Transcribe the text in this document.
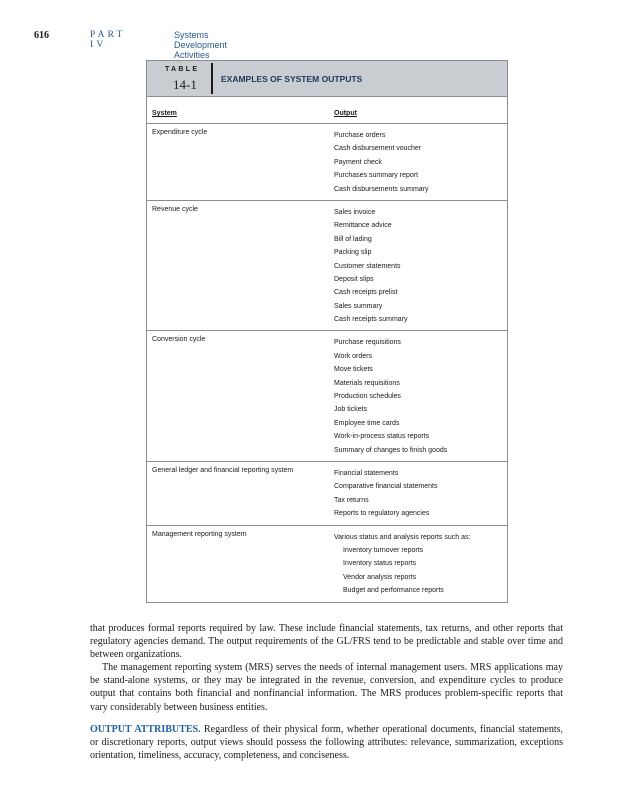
616	PART IV
Systems Development Activities
TABLE
14-1	EXAMPLES OF SYSTEM OUTPUTS
System	Output
Expenditure cycle	Purchase orders
Cash disbursement voucher
Payment check
Purchases summary report
Cash disbursements summary
Revenue cycle	Sales invoice
Remittance advice
Bill of lading
Packing slip
Customer statements
Deposit slips
Cash receipts prelist
Sales summary
Cash receipts summary
Conversion cycle	Purchase requisitions
Work orders
Move tickets
Materials requisitions
Production schedules
Job tickets
Employee time cards
Work-in-process status reports
Summary of changes to finish goods
General ledger and financial reporting system	Financial statements
Comparative financial statements
Tax returns
Reports to regulatory agencies
Management reporting system	Various status and analysis reports such as:
Inventory turnover reports
Inventory status reports
Vendor analysis reports
Budget and performance reports

that produces formal reports required by law. These include financial statements, tax returns, and other reports that regulatory agencies demand. The output requirements of the GL/FRS tend to be predictable and stable over time and between organizations.

The management reporting system (MRS) serves the needs of internal management users. MRS applications may be stand-alone systems, or they may be integrated in the revenue, conversion, and expenditure cycles to produce output that contains both financial and nonfinancial information. The MRS produces problem-specific reports that vary considerably between business entities.

OUTPUT ATTRIBUTES. Regardless of their physical form, whether operational documents, financial statements, or discretionary reports, output views should possess the following attributes: relevance, summarization, exceptions orientation, timeliness, accuracy, completeness, and conciseness.
